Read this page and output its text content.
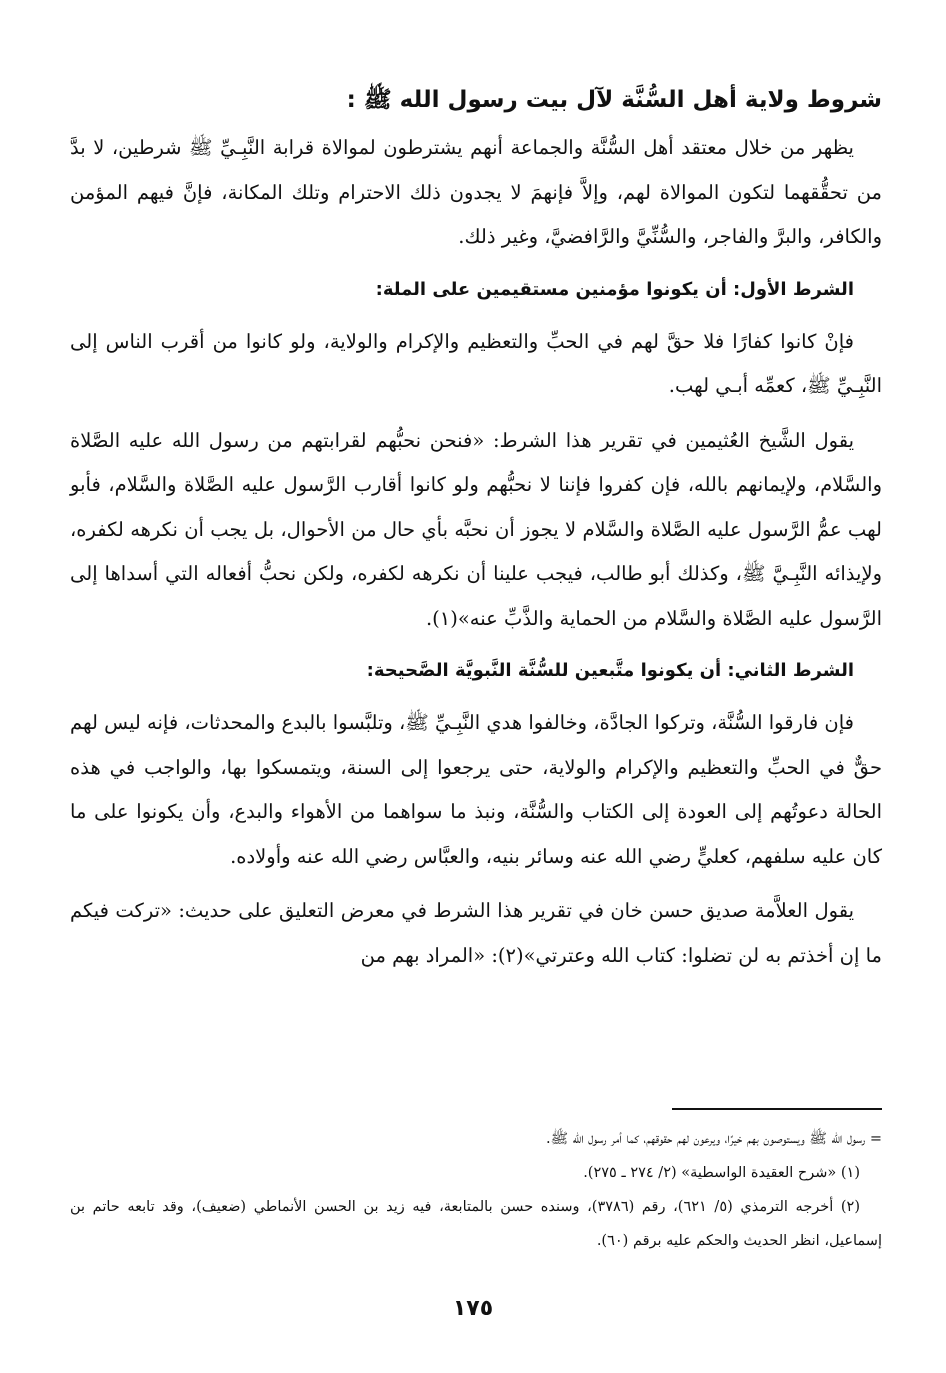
شروط ولاية أهل السُّنَّة لآل بيت رسول الله ﷺ :

يظهر من خلال معتقد أهل السُّنَّة والجماعة أنهم يشترطون لموالاة قرابة النَّبِـيِّ ﷺ شرطين، لا بدَّ من تحقُّقهما لتكون الموالاة لهم، وإلاَّ فإنهمَ لا يجدون ذلك الاحترام وتلك المكانة، فإنَّ فيهم المؤمن والكافر، والبرَّ والفاجر، والسُّنِّيَّ والرَّافضيَّ، وغير ذلك.

الشرط الأول: أن يكونوا مؤمنين مستقيمين على الملة:

فإنْ كانوا كفارًا فلا حقَّ لهم في الحبِّ والتعظيم والإكرام والولاية، ولو كانوا من أقرب الناس إلى النَّبِـيِّ ﷺ، كعمِّه أبـي لهب.

يقول الشَّيخ العُثيمين في تقرير هذا الشرط: «فنحن نحبُّهم لقرابتهم من رسول الله عليه الصَّلاة والسَّلام، ولإيمانهم بالله، فإن كفروا فإننا لا نحبُّهم ولو كانوا أقارب الرَّسول عليه الصَّلاة والسَّلام، فأبو لهب عمُّ الرَّسول عليه الصَّلاة والسَّلام لا يجوز أن نحبَّه بأي حال من الأحوال، بل يجب أن نكرهه لكفره، ولإيذائه النَّبِـيَّ ﷺ، وكذلك أبو طالب، فيجب علينا أن نكرهه لكفره، ولكن نحبُّ أفعاله التي أسداها إلى الرَّسول عليه الصَّلاة والسَّلام من الحماية والذَّبِّ عنه»(١).

الشرط الثاني: أن يكونوا متَّبعين للسُّنَّة النَّبويَّة الصَّحيحة:

فإن فارقوا السُّنَّة، وتركوا الجادَّة، وخالفوا هدي النَّبِـيِّ ﷺ، وتلبَّسوا بالبدع والمحدثات، فإنه ليس لهم حقٌّ في الحبِّ والتعظيم والإكرام والولاية، حتى يرجعوا إلى السنة، ويتمسكوا بها، والواجب في هذه الحالة دعوتُهم إلى العودة إلى الكتاب والسُّنَّة، ونبذ ما سواهما من الأهواء والبدع، وأن يكونوا على ما كان عليه سلفهم، كعليٍّ رضي الله عنه وسائر بنيه، والعبَّاس رضي الله عنه وأولاده.

يقول العلاَّمة صديق حسن خان في تقرير هذا الشرط في معرض التعليق على حديث: «تركت فيكم ما إن أخذتم به لن تضلوا: كتاب الله وعترتي»(٢): «المراد بهم من

= رسول الله ﷺ ويستوصون بهم خيرًا، ويرعون لهم حقوقهم، كما أمر رسول الله ﷺ.

(١) «شرح العقيدة الواسطية» (٢/ ٢٧٤ ـ ٢٧٥).

(٢) أخرجه الترمذي (٥/ ٦٢١)، رقم (٣٧٨٦)، وسنده حسن بالمتابعة، فيه زيد بن الحسن الأنماطي (ضعيف)، وقد تابعه حاتم بن إسماعيل، انظر الحديث والحكم عليه برقم (٦٠).

١٧٥
